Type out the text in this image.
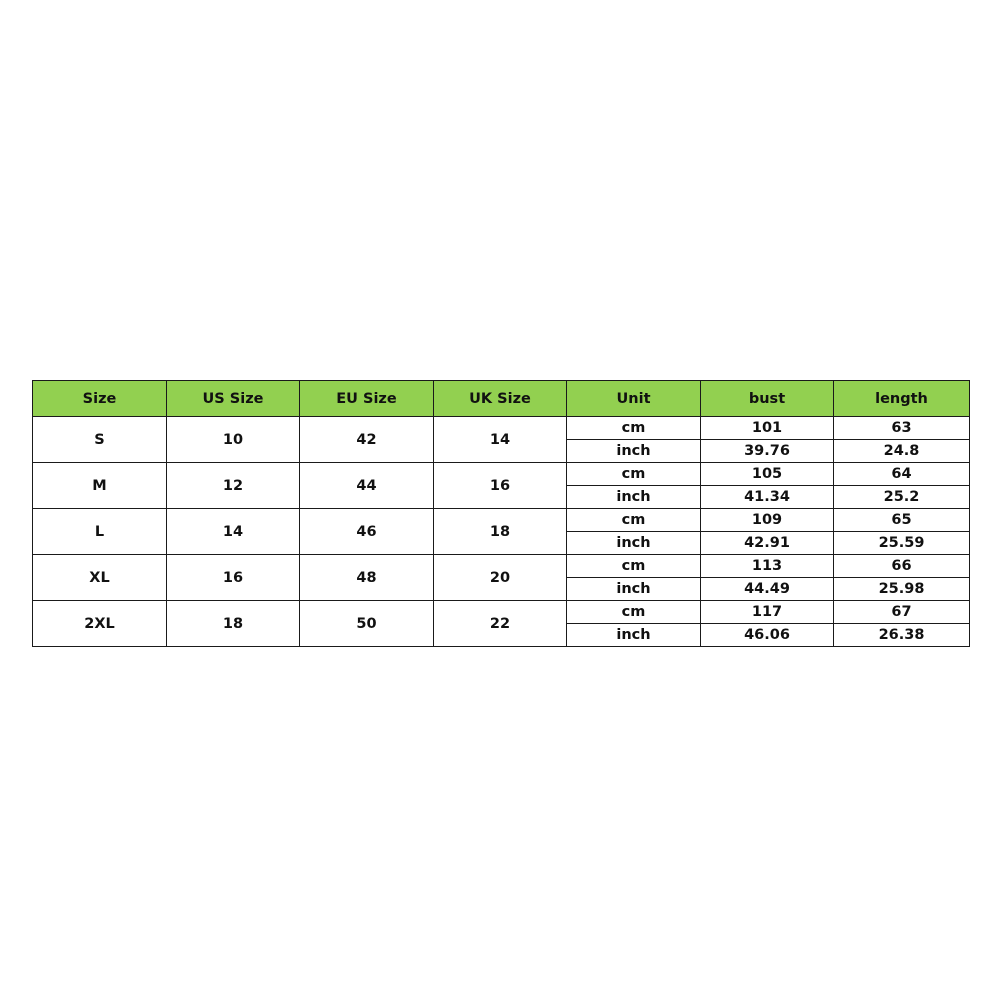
Size	US Size	EU Size	UK Size	Unit	bust	length
S	10	42	14	cm	101	63
				inch	39.76	24.8
M	12	44	16	cm	105	64
				inch	41.34	25.2
L	14	46	18	cm	109	65
				inch	42.91	25.59
XL	16	48	20	cm	113	66
				inch	44.49	25.98
2XL	18	50	22	cm	117	67
				inch	46.06	26.38
